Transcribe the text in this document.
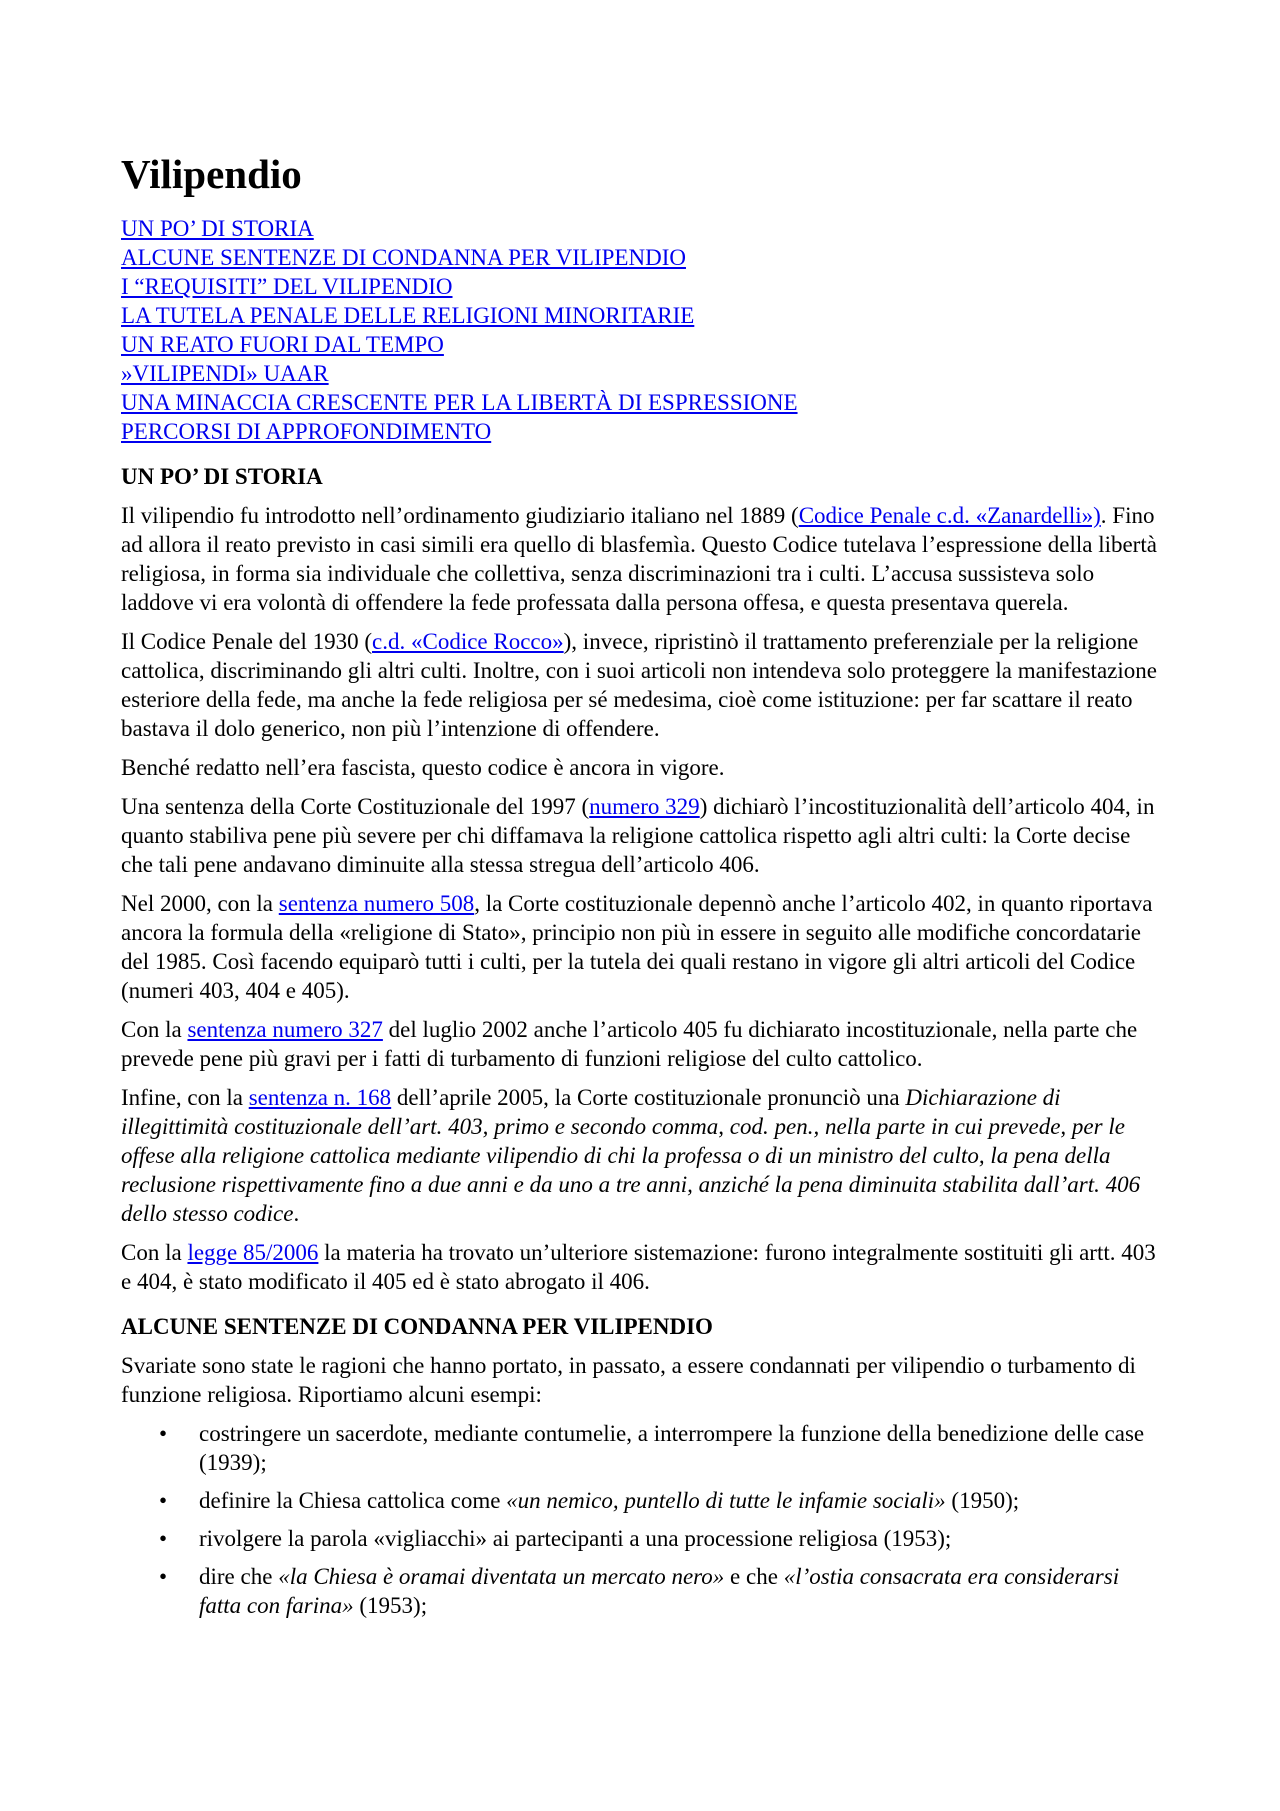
Vilipendio
UN PO’ DI STORIA
ALCUNE SENTENZE DI CONDANNA PER VILIPENDIO
I “REQUISITI” DEL VILIPENDIO
LA TUTELA PENALE DELLE RELIGIONI MINORITARIE
UN REATO FUORI DAL TEMPO
»VILIPENDI» UAAR
UNA MINACCIA CRESCENTE PER LA LIBERTÀ DI ESPRESSIONE
PERCORSI DI APPROFONDIMENTO
UN PO’ DI STORIA

Il vilipendio fu introdotto nell’ordinamento giudiziario italiano nel 1889 (Codice Penale c.d. «Zanardelli»). Fino ad allora il reato previsto in casi simili era quello di blasfemìa. Questo Codice tutelava l’espressione della libertà religiosa, in forma sia individuale che collettiva, senza discriminazioni tra i culti. L’accusa sussisteva solo laddove vi era volontà di offendere la fede professata dalla persona offesa, e questa presentava querela.

Il Codice Penale del 1930 (c.d. «Codice Rocco»), invece, ripristinò il trattamento preferenziale per la religione cattolica, discriminando gli altri culti. Inoltre, con i suoi articoli non intendeva solo proteggere la manifestazione esteriore della fede, ma anche la fede religiosa per sé medesima, cioè come istituzione: per far scattare il reato bastava il dolo generico, non più l’intenzione di offendere.

Benché redatto nell’era fascista, questo codice è ancora in vigore.

Una sentenza della Corte Costituzionale del 1997 (numero 329) dichiarò l’incostituzionalità dell’articolo 404, in quanto stabiliva pene più severe per chi diffamava la religione cattolica rispetto agli altri culti: la Corte decise che tali pene andavano diminuite alla stessa stregua dell’articolo 406.

Nel 2000, con la sentenza numero 508, la Corte costituzionale depennò anche l’articolo 402, in quanto riportava ancora la formula della «religione di Stato», principio non più in essere in seguito alle modifiche concordatarie del 1985. Così facendo equiparò tutti i culti, per la tutela dei quali restano in vigore gli altri articoli del Codice (numeri 403, 404 e 405).

Con la sentenza numero 327 del luglio 2002 anche l’articolo 405 fu dichiarato incostituzionale, nella parte che prevede pene più gravi per i fatti di turbamento di funzioni religiose del culto cattolico.

Infine, con la sentenza n. 168 dell’aprile 2005, la Corte costituzionale pronunciò una Dichiarazione di illegittimità costituzionale dell’art. 403, primo e secondo comma, cod. pen., nella parte in cui prevede, per le offese alla religione cattolica mediante vilipendio di chi la professa o di un ministro del culto, la pena della reclusione rispettivamente fino a due anni e da uno a tre anni, anziché la pena diminuita stabilita dall’art. 406 dello stesso codice.

Con la legge 85/2006 la materia ha trovato un’ulteriore sistemazione: furono integralmente sostituiti gli artt. 403 e 404, è stato modificato il 405 ed è stato abrogato il 406.

ALCUNE SENTENZE DI CONDANNA PER VILIPENDIO

Svariate sono state le ragioni che hanno portato, in passato, a essere condannati per vilipendio o turbamento di funzione religiosa. Riportiamo alcuni esempi:

• costringere un sacerdote, mediante contumelie, a interrompere la funzione della benedizione delle case (1939);
• definire la Chiesa cattolica come «un nemico, puntello di tutte le infamie sociali» (1950);
• rivolgere la parola «vigliacchi» ai partecipanti a una processione religiosa (1953);
• dire che «la Chiesa è oramai diventata un mercato nero» e che «l’ostia consacrata era considerarsi fatta con farina» (1953);
